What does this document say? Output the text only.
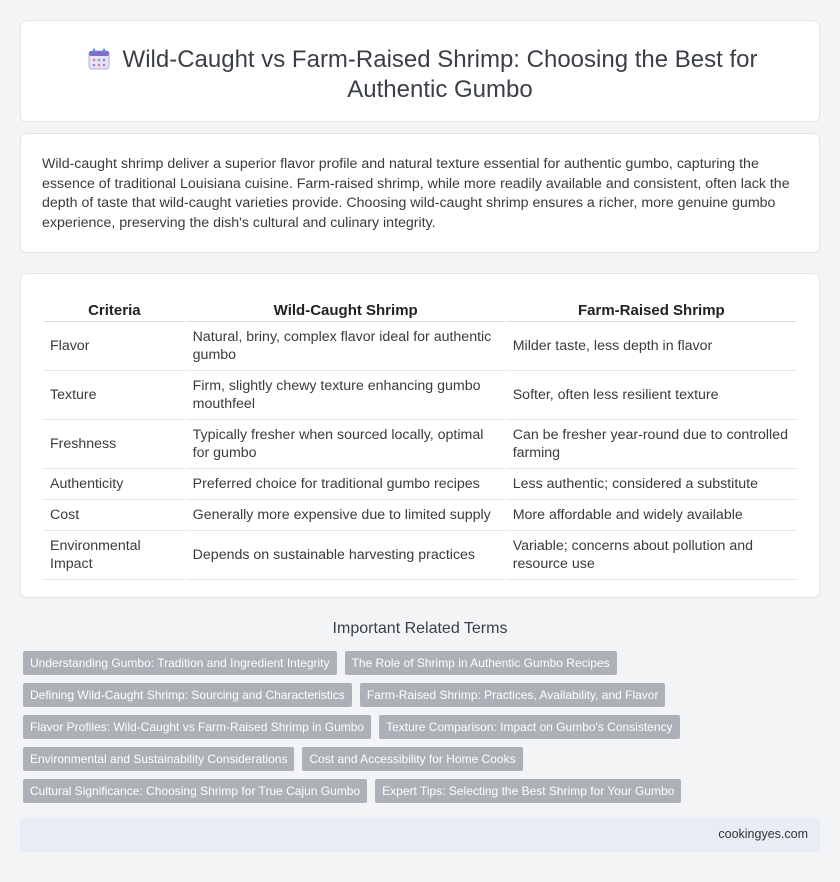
Wild-Caught vs Farm-Raised Shrimp: Choosing the Best for Authentic Gumbo

Wild-caught shrimp deliver a superior flavor profile and natural texture essential for authentic gumbo, capturing the essence of traditional Louisiana cuisine. Farm-raised shrimp, while more readily available and consistent, often lack the depth of taste that wild-caught varieties provide. Choosing wild-caught shrimp ensures a richer, more genuine gumbo experience, preserving the dish's cultural and culinary integrity.

Criteria	Wild-Caught Shrimp	Farm-Raised Shrimp
Flavor	Natural, briny, complex flavor ideal for authentic gumbo	Milder taste, less depth in flavor
Texture	Firm, slightly chewy texture enhancing gumbo mouthfeel	Softer, often less resilient texture
Freshness	Typically fresher when sourced locally, optimal for gumbo	Can be fresher year-round due to controlled farming
Authenticity	Preferred choice for traditional gumbo recipes	Less authentic; considered a substitute
Cost	Generally more expensive due to limited supply	More affordable and widely available
Environmental Impact	Depends on sustainable harvesting practices	Variable; concerns about pollution and resource use
Important Related Terms
Understanding Gumbo: Tradition and Ingredient Integrity	The Role of Shrimp in Authentic Gumbo Recipes
Defining Wild-Caught Shrimp: Sourcing and Characteristics	Farm-Raised Shrimp: Practices, Availability, and Flavor
Flavor Profiles: Wild-Caught vs Farm-Raised Shrimp in Gumbo	Texture Comparison: Impact on Gumbo's Consistency
Environmental and Sustainability Considerations	Cost and Accessibility for Home Cooks
Cultural Significance: Choosing Shrimp for True Cajun Gumbo	Expert Tips: Selecting the Best Shrimp for Your Gumbo
cookingyes.com
